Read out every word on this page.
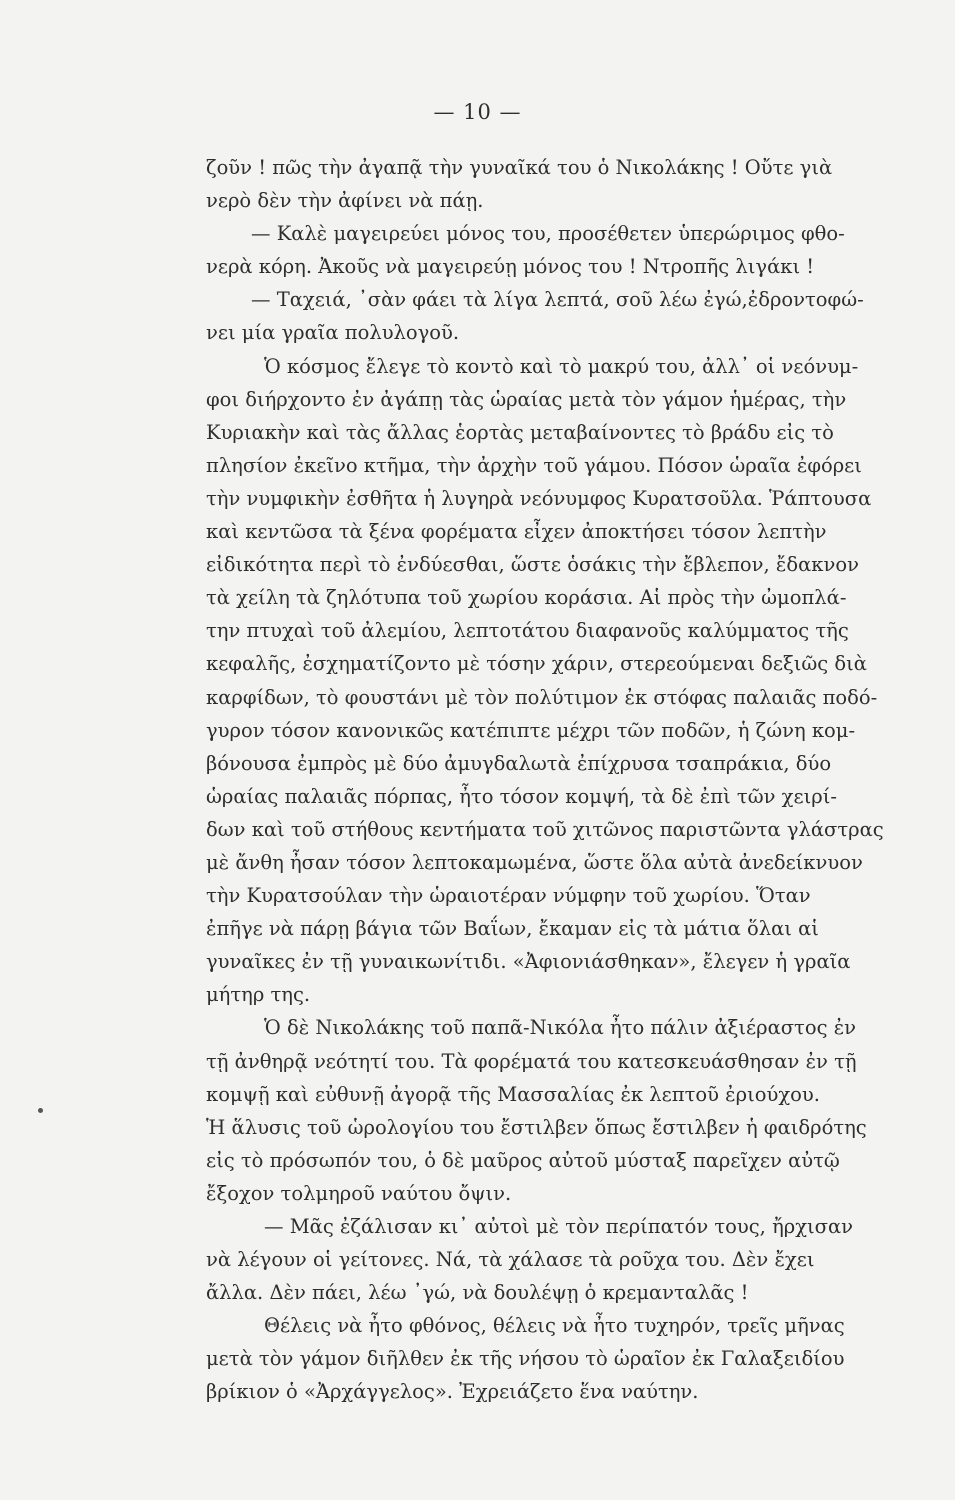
— 10 —
ζοῦν ! πῶς τὴν ἀγαπᾷ τὴν γυναῖκά του ὁ Νικολάκης ! Οὔτε γιὰ
νερὸ δὲν τὴν ἀφίνει νὰ πάῃ.
— Καλὲ μαγειρεύει μόνος του, προσέθετεν ὑπερώριμος φθο-
νερὰ κόρη. Ἀκοῦς νὰ μαγειρεύῃ μόνος του ! Ντροπῆς λιγάκι !
— Ταχειά, ᾽σὰν φάει τὰ λίγα λεπτά, σοῦ λέω ἐγώ,ἐδροντοφώ-
νει μία γραῖα πολυλογοῦ.
Ὁ κόσμος ἔλεγε τὸ κοντὸ καὶ τὸ μακρύ του, ἀλλ᾽ οἱ νεόνυμ-
φοι διήρχοντο ἐν ἀγάπῃ τὰς ὡραίας μετὰ τὸν γάμον ἡμέρας, τὴν
Κυριακὴν καὶ τὰς ἄλλας ἑορτὰς μεταβαίνοντες τὸ βράδυ εἰς τὸ
πλησίον ἐκεῖνο κτῆμα, τὴν ἀρχὴν τοῦ γάμου. Πόσον ὡραῖα ἐφόρει
τὴν νυμφικὴν ἐσθῆτα ἡ λυγηρὰ νεόνυμφος Κυρατσοῦλα. Ῥάπτουσα
καὶ κεντῶσα τὰ ξένα φορέματα εἶχεν ἀποκτήσει τόσον λεπτὴν
εἰδικότητα περὶ τὸ ἐνδύεσθαι, ὥστε ὁσάκις τὴν ἔβλεπον, ἔδακνον
τὰ χείλη τὰ ζηλότυπα τοῦ χωρίου κοράσια. Αἱ πρὸς τὴν ὠμοπλά-
την πτυχαὶ τοῦ ἀλεμίου, λεπτοτάτου διαφανοῦς καλύμματος τῆς
κεφαλῆς, ἐσχηματίζοντο μὲ τόσην χάριν, στερεούμεναι δεξιῶς διὰ
καρφίδων, τὸ φουστάνι μὲ τὸν πολύτιμον ἐκ στόφας παλαιᾶς ποδό-
γυρον τόσον κανονικῶς κατέπιπτε μέχρι τῶν ποδῶν, ἡ ζώνη κομ-
βόνουσα ἐμπρὸς μὲ δύο ἀμυγδαλωτὰ ἐπίχρυσα τσαπράκια, δύο
ὡραίας παλαιᾶς πόρπας, ἦτο τόσον κομψή, τὰ δὲ ἐπὶ τῶν χειρί-
δων καὶ τοῦ στήθους κεντήματα τοῦ χιτῶνος παριστῶντα γλάστρας
μὲ ἄνθη ἦσαν τόσον λεπτοκαμωμένα, ὥστε ὅλα αὐτὰ ἀνεδείκνυον
τὴν Κυρατσούλαν τὴν ὡραιοτέραν νύμφην τοῦ χωρίου. Ὅταν
ἐπῆγε νὰ πάρῃ βάγια τῶν Βαΐων, ἔκαμαν εἰς τὰ μάτια ὅλαι αἱ
γυναῖκες ἐν τῇ γυναικωνίτιδι. «Ἀφιονιάσθηκαν», ἔλεγεν ἡ γραῖα
μήτηρ της.
Ὁ δὲ Νικολάκης τοῦ παπᾶ-Νικόλα ἦτο πάλιν ἀξιέραστος ἐν
τῇ ἀνθηρᾷ νεότητί του. Τὰ φορέματά του κατεσκευάσθησαν ἐν τῇ
κομψῇ καὶ εὐθυνῇ ἀγορᾷ τῆς Μασσαλίας ἐκ λεπτοῦ ἐριούχου.
Ἡ ἅλυσις τοῦ ὡρολογίου του ἔστιλβεν ὅπως ἔστιλβεν ἡ φαιδρότης
εἰς τὸ πρόσωπόν του, ὁ δὲ μαῦρος αὐτοῦ μύσταξ παρεῖχεν αὐτῷ
ἔξοχον τολμηροῦ ναύτου ὄψιν.
— Μᾶς ἐζάλισαν κι᾽ αὐτοὶ μὲ τὸν περίπατόν τους, ἤρχισαν
νὰ λέγουν οἱ γείτονες. Νά, τὰ χάλασε τὰ ροῦχα του. Δὲν ἔχει
ἄλλα. Δὲν πάει, λέω ᾽γώ, νὰ δουλέψῃ ὁ κρεμανταλᾶς !
Θέλεις νὰ ἦτο φθόνος, θέλεις νὰ ἦτο τυχηρόν, τρεῖς μῆνας
μετὰ τὸν γάμον διῆλθεν ἐκ τῆς νήσου τὸ ὡραῖον ἐκ Γαλαξειδίου
βρίκιον ὁ «Ἀρχάγγελος». Ἐχρειάζετο ἕνα ναύτην.
